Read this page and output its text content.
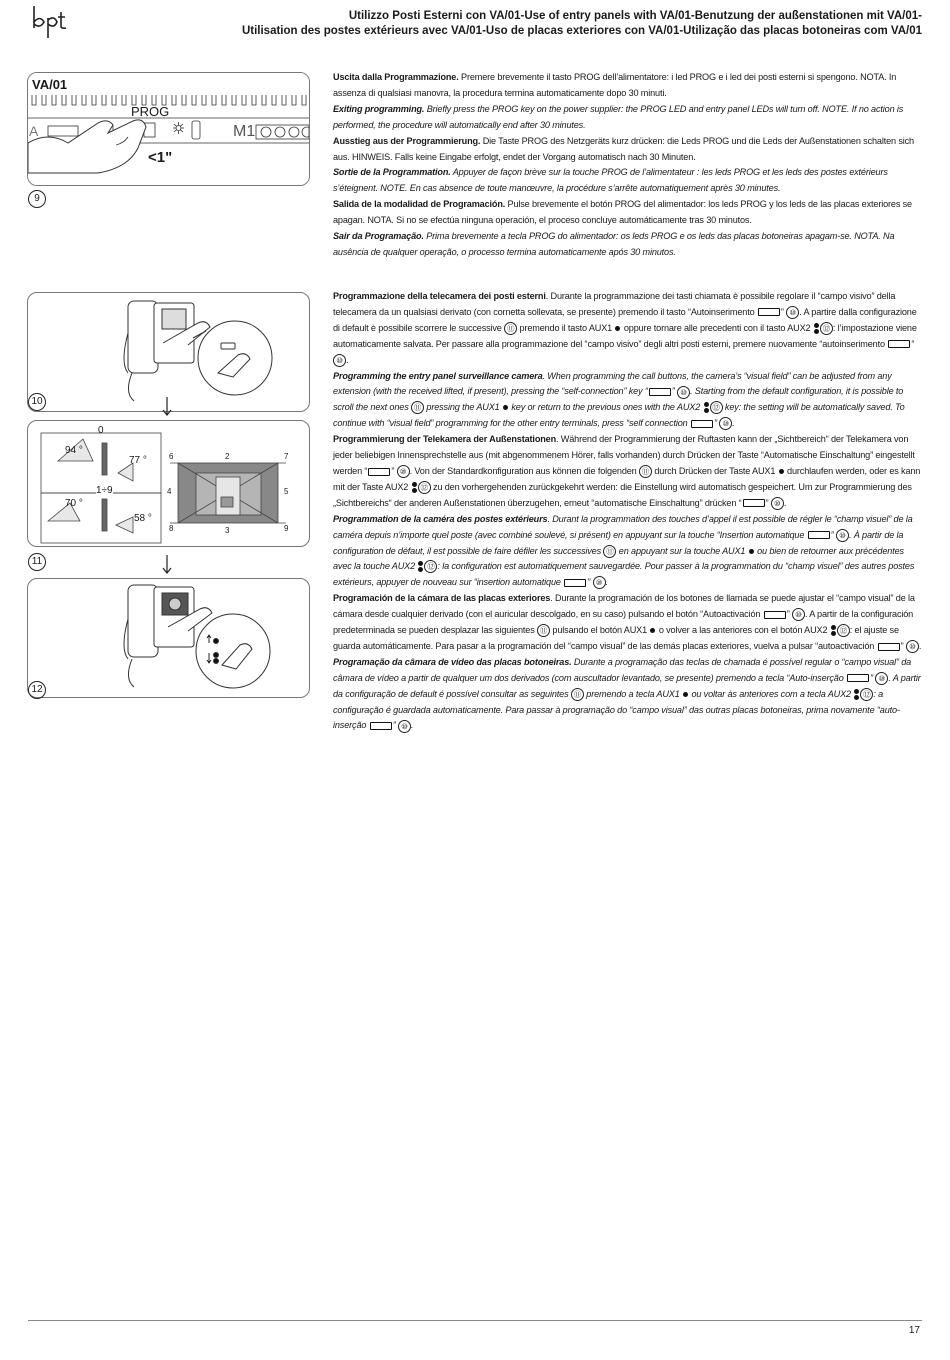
Utilizzo Posti Esterni con VA/01-Use of entry panels with VA/01-Benutzung der außenstationen mit VA/01-
Utilisation des postes extérieurs avec VA/01-Uso de placas exteriores con VA/01-Utilização das placas botoneiras com VA/01
VA/01
PROG
A	M1
<1"
9

Uscita dalla Programmazione. Premere brevemente il tasto PROG dell’alimentatore: i led PROG e i led dei posti esterni si spengono. NOTA. In assenza di qualsiasi manovra, la procedura termina automaticamente dopo 30 minuti.

Exiting programming. Briefly press the PROG key on the power supplier: the PROG LED and entry panel LEDs will turn off. NOTE. If no action is performed, the procedure will automatically end after 30 minutes.

Ausstieg aus der Programmierung. Die Taste PROG des Netzgeräts kurz drücken: die Leds PROG und die Leds der Außenstationen schalten sich aus. HINWEIS. Falls keine Eingabe erfolgt, endet der Vorgang automatisch nach 30 Minuten.

Sortie de la Programmation. Appuyer de façon brève sur la touche PROG de l’alimentateur : les leds PROG et les leds des postes extérieurs s’éteignent. NOTE. En cas absence de toute manœuvre, la procédure s’arrête automatiquement après 30 minutes.

Salida de la modalidad de Programación. Pulse brevemente el botón PROG del alimentador: los leds PROG y los leds de las placas exteriores se apagan. NOTA. Si no se efectúa ninguna operación, el proceso concluye automáticamente tras 30 minutos.

Sair da Programação. Prima brevemente a tecla PROG do alimentador: os leds PROG e os leds das placas botoneiras apagam-se. NOTA. Na ausência de qualquer operação, o processo termina automaticamente após 30 minutos.

10
0
94 °
77 °
1÷9
70 °
58 °
2	7
6
4	5
8	3	9
11
12

Programmazione della telecamera dei posti esterni. Durante la programmazione dei tasti chiamata è possibile regolare il “campo visivo” della telecamera da un qualsiasi derivato (con cornetta sollevata, se presente) premendo il tasto “Autoinserimento	” ⑩ . A partire dalla configurazione di default è possibile scorrere le successive ⑪ premendo il tasto AUX1  oppure tornare alle precedenti con il tasto AUX2
⑫ : l’impostazione viene automaticamente salvata. Per passare alla programmazione del “campo visivo” degli altri posti esterni, premere nuovamente “autoinserimento	” ⑩ .

Programming the entry panel surveillance camera. When programming the call buttons, the camera’s “visual field” can be adjusted from any extension (with the received lifted, if present), pressing the “self-connection” key “	” ⑩ . Starting from the default configuration, it is possible to scroll the next ones ⑪ pressing the AUX1  key or return to the previous ones with the AUX2
⑫ key: the setting will be automatically saved. To continue with “visual field” programming for the other entry terminals, press “self connection	” ⑩ .

Programmierung der Telekamera der Außenstationen. Während der Programmierung der Ruftasten kann der „Sichtbereich“ der Telekamera von jeder beliebigen Innensprechstelle aus (mit abgenommenem Hörer, falls vorhanden) durch Drücken der Taste “Automatische Einschaltung” eingestellt werden “	” ⑩ . Von der Standardkonfiguration aus können die folgenden ⑪ durch Drücken der Taste AUX1  durchlaufen werden, oder es kann mit der Taste AUX2
⑫ zu den vorhergehenden zurückgekehrt werden: die Einstellung wird automatisch gespeichert. Um zur Programmierung des „Sichtbereichs“ der anderen Außenstationen überzugehen, erneut “automatische Einschaltung” drücken “	” ⑩ .

Programmation de la caméra des postes extérieurs. Durant la programmation des touches d’appel il est possible de régler le “champ visuel” de la caméra depuis n’importe quel poste (avec combiné soulevé, si présent) en appuyant sur la touche “Insertion automatique	” ⑩ . À partir de la configuration de défaut, il est possible de faire défiler les successives ⑪ en appuyant sur la touche AUX1  ou bien de retourner aux précédentes avec la touche AUX2
⑫ : la configuration est automatiquement sauvegardée. Pour passer à la programmation du “champ visuel” des autres postes extérieurs, appuyer de nouveau sur “insertion automatique	” ⑩ .

Programación de la cámara de las placas exteriores. Durante la programación de los botones de llamada se puede ajustar el “campo visual” de la cámara desde cualquier derivado (con el auricular descolgado, en su caso) pulsando el botón “Autoactivación	” ⑩ . A partir de la configuración predeterminada se pueden desplazar las siguientes ⑪ pulsando el botón AUX1  o volver a las anteriores con el botón AUX2
⑫ : el ajuste se guarda automáticamente. Para pasar a la programación del “campo visual” de las demás placas exteriores, vuelva a pulsar “autoactivación	” ⑩ .

Programação da câmara de vídeo das placas botoneiras. Durante a programação das teclas de chamada é possível regular o “campo visual” da câmara de vídeo a partir de qualquer um dos derivados (com auscultador levantado, se presente) premendo a tecla “Auto-inserção	” ⑩ . A partir da configuração de default é possível consultar as seguintes ⑪ premendo a tecla AUX1  ou voltar às anteriores com a tecla AUX2
⑫ : a configuração é guardada automaticamente. Para passar à programação do “campo visual” das outras placas botoneiras, prima novamente “auto-inserção	” ⑩ .

17
